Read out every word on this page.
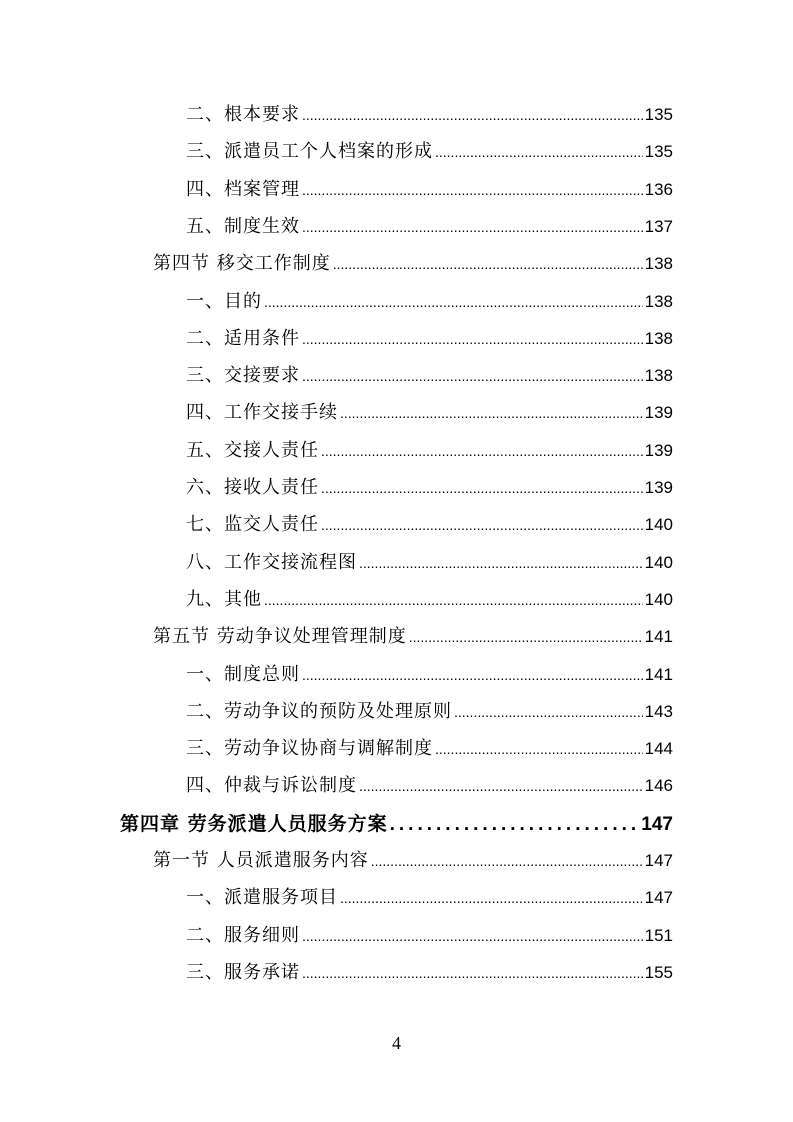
二、根本要求 .....	135
三、派遣员工个人档案的形成 .....	135
四、档案管理 .....	136
五、制度生效 .....	137
第四节 移交工作制度 .....	138
一、目的 .....	138
二、适用条件 .....	138
三、交接要求 .....	138
四、工作交接手续 .....	139
五、交接人责任 .....	139
六、接收人责任 .....	139
七、监交人责任 .....	140
八、工作交接流程图 .....	140
九、其他 .....	140
第五节 劳动争议处理管理制度 .....	141
一、制度总则 .....	141
二、劳动争议的预防及处理原则 .....	143
三、劳动争议协商与调解制度 .....	144
四、仲裁与诉讼制度 .....	146
第四章 劳务派遣人员服务方案 .....	147
第一节 人员派遣服务内容 .....	147
一、派遣服务项目 .....	147
二、服务细则 .....	151
三、服务承诺 .....	155
4
